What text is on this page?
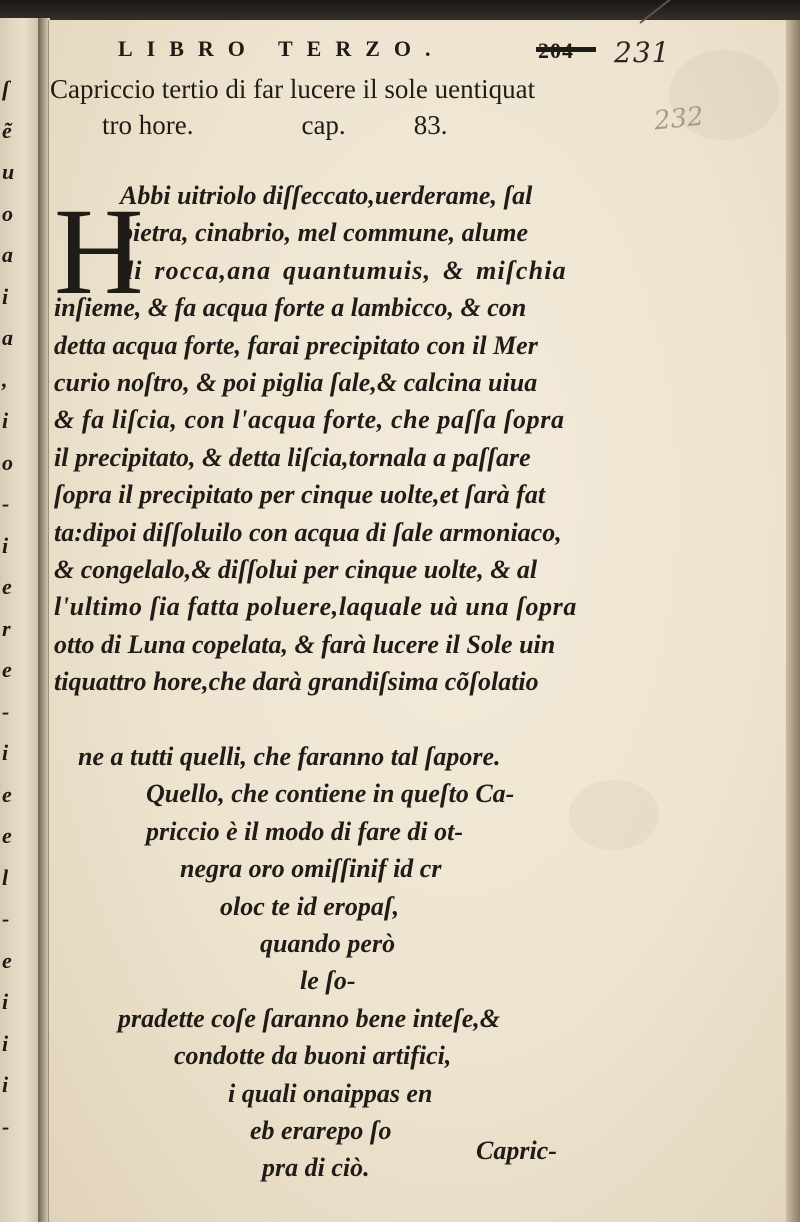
ſ
ẽ
u
o
a
i
a
,
i
o
-
i
e
r
e
-
i
e
e
l
-
e
i
i
i
-
LIBRO TERZO.	231
232
Capriccio tertio di far lucere il sole uentiquat
tro hore.	cap.	83.
H
Abbi uitriolo diſſeccato,uerderame, ſal
pietra, cinabrio, mel commune, alume
di rocca,ana quantumuis, & miſchia
inſieme, & fa acqua forte a lambicco, & con
detta acqua forte, farai precipitato con il Mer
curio noſtro, & poi piglia ſale,& calcina uiua
& fa liſcia, con l'acqua forte, che paſſa ſopra
il precipitato, & detta liſcia,tornala a paſſare
ſopra il precipitato per cinque uolte,et ſarà fat
ta:dipoi diſſoluilo con acqua di ſale armoniaco,
& congelalo,& diſſolui per cinque uolte, & al
l'ultimo ſia fatta poluere,laquale uà una ſopra
otto di Luna copelata, & farà lucere il Sole uin
tiquattro hore,che darà grandiſsima cõſolatio
ne a tutti quelli, che faranno tal ſapore.
Quello, che contiene in queſto Ca-
priccio è il modo di fare di ot-
negra oro omiſſinif id cr
oloc te id eropaſ,
quando però
le ſo-
pradette coſe ſaranno bene inteſe,&
condotte da buoni artifici,
i quali onaippas en
eb erarepo ſo
pra di ciò.
Capric-
